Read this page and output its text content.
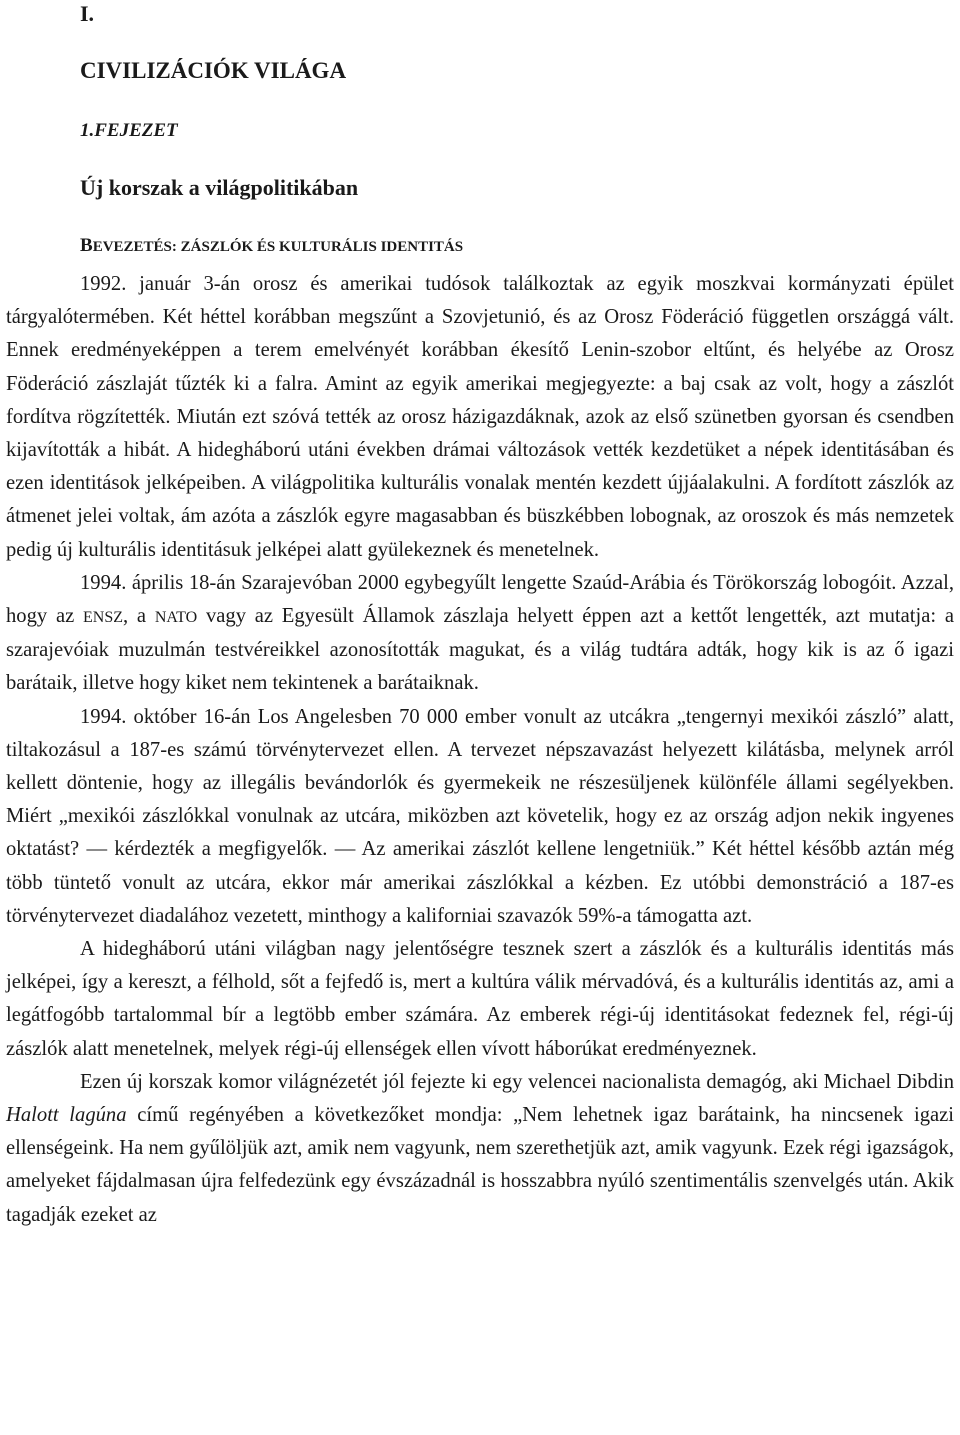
I.
CIVILIZÁCIÓK VILÁGA
1.FEJEZET
Új korszak a világpolitikában
BEVEZETÉS: ZÁSZLÓK ÉS KULTURÁLIS IDENTITÁS

1992. január 3-án orosz és amerikai tudósok találkoztak az egyik moszkvai kormányzati épület tárgyalótermében. Két héttel korábban megszűnt a Szovjetunió, és az Orosz Föderáció független országgá vált. Ennek eredményeképpen a terem emelvényét korábban ékesítő Lenin-szobor eltűnt, és helyébe az Orosz Föderáció zászlaját tűzték ki a falra. Amint az egyik amerikai megjegyezte: a baj csak az volt, hogy a zászlót fordítva rögzítették. Miután ezt szóvá tették az orosz házigazdáknak, azok az első szünetben gyorsan és csendben kijavították a hibát. A hidegháború utáni években drámai változások vették kezdetüket a népek identitásában és ezen identitások jelképeiben. A világpolitika kulturális vonalak mentén kezdett újjáalakulni. A fordított zászlók az átmenet jelei voltak, ám azóta a zászlók egyre magasabban és büszkébben lobognak, az oroszok és más nemzetek pedig új kulturális identitásuk jelképei alatt gyülekeznek és menetelnek.

1994. április 18-án Szarajevóban 2000 egybegyűlt lengette Szaúd-Arábia és Törökország lobogóit. Azzal, hogy az ENSZ, a NATO vagy az Egyesült Államok zászlaja helyett éppen azt a kettőt lengették, azt mutatja: a szarajevóiak muzulmán testvéreikkel azonosították magukat, és a világ tudtára adták, hogy kik is az ő igazi barátaik, illetve hogy kiket nem tekintenek a barátaiknak.

1994. október 16-án Los Angelesben 70 000 ember vonult az utcákra „tengernyi mexikói zászló” alatt, tiltakozásul a 187-es számú törvénytervezet ellen. A tervezet népszavazást helyezett kilátásba, melynek arról kellett döntenie, hogy az illegális bevándorlók és gyermekeik ne részesüljenek különféle állami segélyekben. Miért „mexikói zászlókkal vonulnak az utcára, miközben azt követelik, hogy ez az ország adjon nekik ingyenes oktatást? — kérdezték a megfigyelők. — Az amerikai zászlót kellene lengetniük.” Két héttel később aztán még több tüntető vonult az utcára, ekkor már amerikai zászlókkal a kézben. Ez utóbbi demonstráció a 187-es törvénytervezet diadalához vezetett, minthogy a kaliforniai szavazók 59%-a támogatta azt.

A hidegháború utáni világban nagy jelentőségre tesznek szert a zászlók és a kulturális identitás más jelképei, így a kereszt, a félhold, sőt a fejfedő is, mert a kultúra válik mérvadóvá, és a kulturális identitás az, ami a legátfogóbb tartalommal bír a legtöbb ember számára. Az emberek régi-új identitásokat fedeznek fel, régi-új zászlók alatt menetelnek, melyek régi-új ellenségek ellen vívott háborúkat eredményeznek.

Ezen új korszak komor világnézetét jól fejezte ki egy velencei nacionalista demagóg, aki Michael Dibdin Halott lagúna című regényében a következőket mondja: „Nem lehetnek igaz barátaink, ha nincsenek igazi ellenségeink. Ha nem gyűlöljük azt, amik nem vagyunk, nem szerethetjük azt, amik vagyunk. Ezek régi igazságok, amelyeket fájdalmasan újra felfedezünk egy évszázadnál is hosszabbra nyúló szentimentális szenvelgés után. Akik tagadják ezeket az
